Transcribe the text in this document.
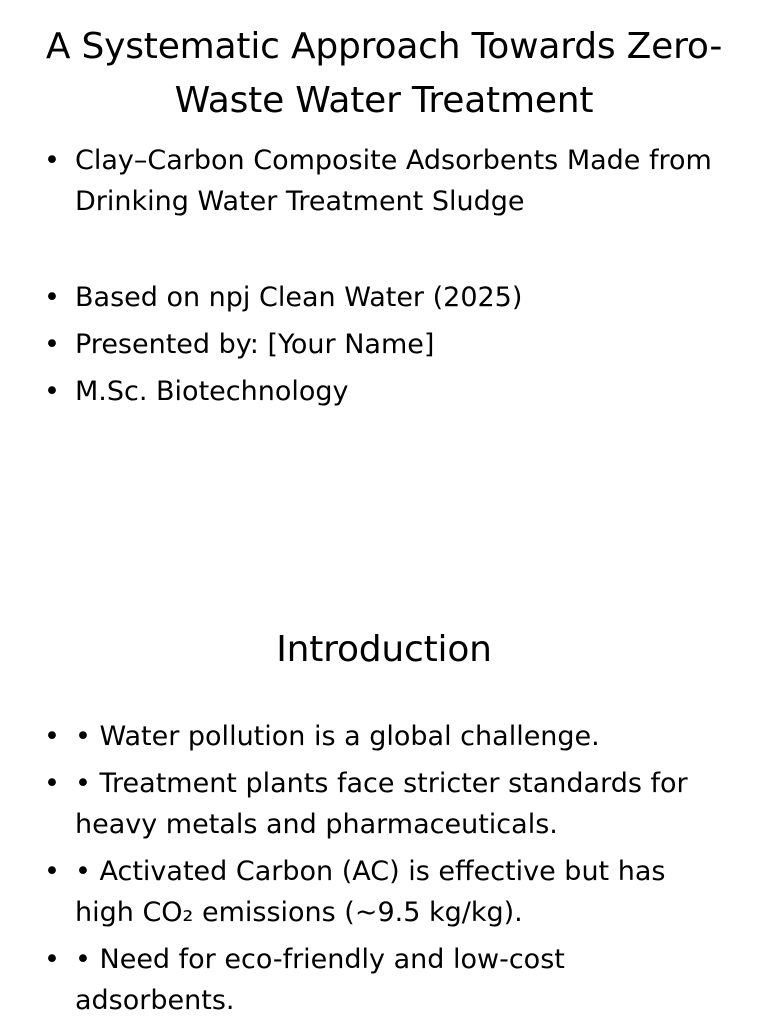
A Systematic Approach Towards Zero-Waste Water Treatment
• Clay–Carbon Composite Adsorbents Made from Drinking Water Treatment Sludge
• Based on npj Clean Water (2025)
• Presented by: [Your Name]
• M.Sc. Biotechnology
Introduction
• • Water pollution is a global challenge.
• • Treatment plants face stricter standards for heavy metals and pharmaceuticals.
• • Activated Carbon (AC) is effective but has high CO₂ emissions (~9.5 kg/kg).
• • Need for eco-friendly and low-cost adsorbents.
